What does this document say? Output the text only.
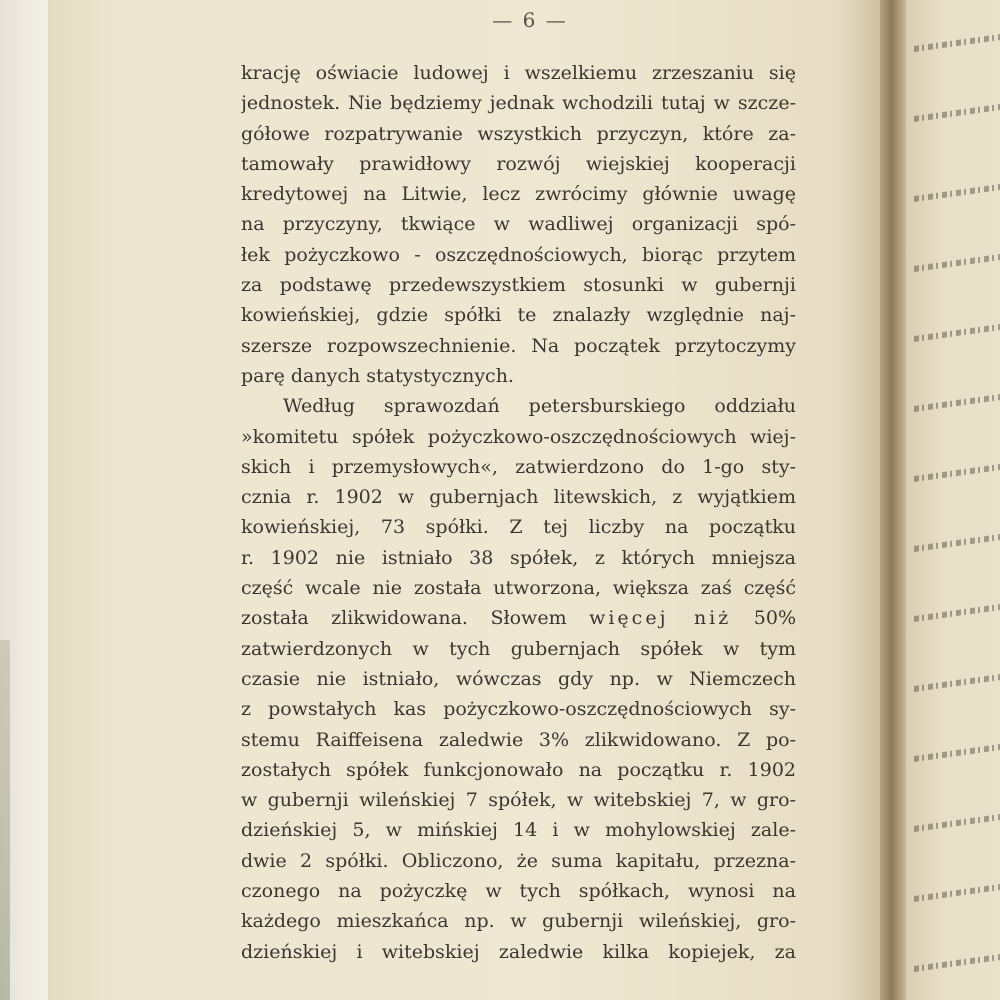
— 6 —
krację oświacie ludowej i wszelkiemu zrzeszaniu się
jednostek. Nie będziemy jednak wchodzili tutaj w szcze-
gółowe rozpatrywanie wszystkich przyczyn, które za-
tamowały prawidłowy rozwój wiejskiej kooperacji
kredytowej na Litwie, lecz zwrócimy głównie uwagę
na przyczyny, tkwiące w wadliwej organizacji spó-
łek pożyczkowo - oszczędnościowych, biorąc przytem
za podstawę przedewszystkiem stosunki w gubernji
kowieńskiej, gdzie spółki te znalazły względnie naj-
szersze rozpowszechnienie. Na początek przytoczymy
parę danych statystycznych.
Według sprawozdań petersburskiego oddziału
»komitetu spółek pożyczkowo-oszczędnościowych wiej-
skich i przemysłowych«, zatwierdzono do 1-go sty-
cznia r. 1902 w gubernjach litewskich, z wyjątkiem
kowieńskiej, 73 spółki. Z tej liczby na początku
r. 1902 nie istniało 38 spółek, z których mniejsza
część wcale nie została utworzona, większa zaś część
została zlikwidowana. Słowem więcej niż 50%
zatwierdzonych w tych gubernjach spółek w tym
czasie nie istniało, wówczas gdy np. w Niemczech
z powstałych kas pożyczkowo-oszczędnościowych sy-
stemu Raiffeisena zaledwie 3% zlikwidowano. Z po-
zostałych spółek funkcjonowało na początku r. 1902
w gubernji wileńskiej 7 spółek, w witebskiej 7, w gro-
dzieńskiej 5, w mińskiej 14 i w mohylowskiej zale-
dwie 2 spółki. Obliczono, że suma kapitału, przezna-
czonego na pożyczkę w tych spółkach, wynosi na
każdego mieszkańca np. w gubernji wileńskiej, gro-
dzieńskiej i witebskiej zaledwie kilka kopiejek, za
